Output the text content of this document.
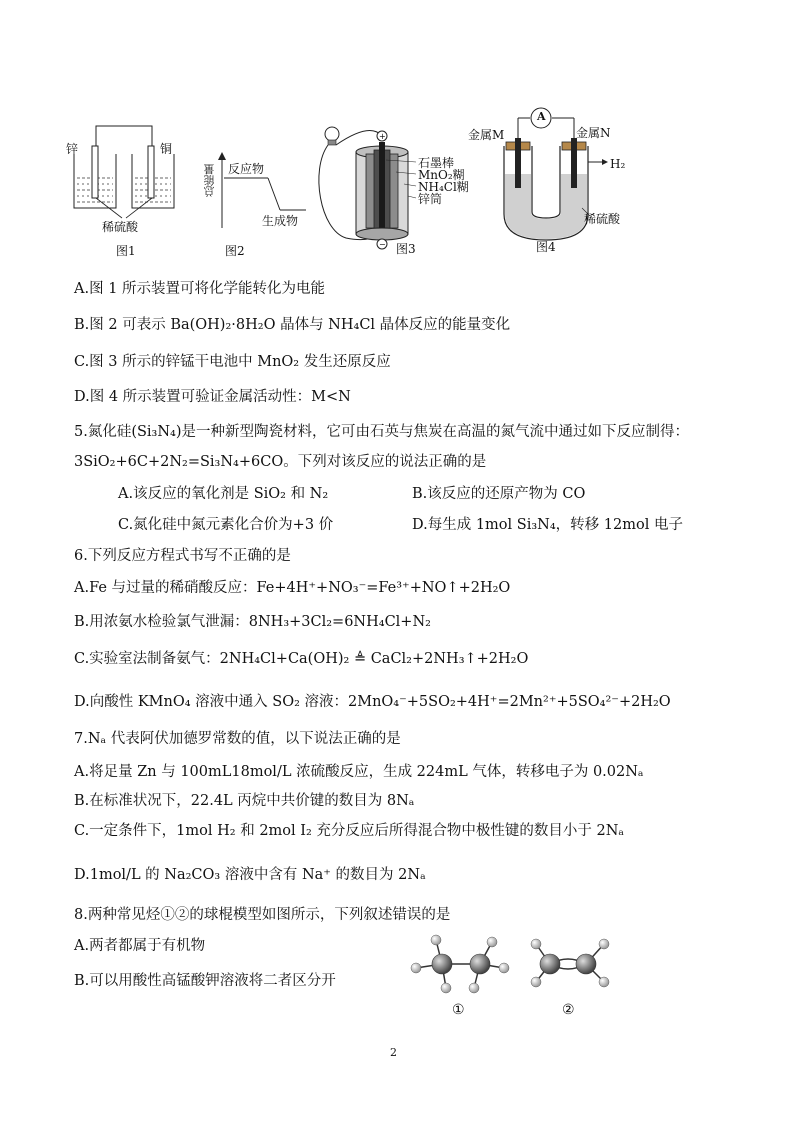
锌	铜
稀硫酸
图1
总能量 反应物
生成物
图2
+
−
石墨棒
MnO₂糊
NH₄Cl糊
锌筒
图3
A
金属M	金属N
H₂
稀硫酸
图4
A.图 1 所示装置可将化学能转化为电能
B.图 2 可表示 Ba(OH)₂·8H₂O 晶体与 NH₄Cl 晶体反应的能量变化
C.图 3 所示的锌锰干电池中 MnO₂ 发生还原反应
D.图 4 所示装置可验证金属活动性：M<N
5.氮化硅(Si₃N₄)是一种新型陶瓷材料，它可由石英与焦炭在高温的氮气流中通过如下反应制得：
3SiO₂+6C+2N₂=Si₃N₄+6CO。下列对该反应的说法正确的是
A.该反应的氧化剂是 SiO₂ 和 N₂	B.该反应的还原产物为 CO
C.氮化硅中氮元素化合价为+3 价	D.每生成 1mol Si₃N₄，转移 12mol 电子
6.下列反应方程式书写不正确的是
A.Fe 与过量的稀硝酸反应：Fe+4H⁺+NO₃⁻=Fe³⁺+NO↑+2H₂O
B.用浓氨水检验氯气泄漏：8NH₃+3Cl₂=6NH₄Cl+N₂
C.实验室法制备氨气：2NH₄Cl+Ca(OH)₂ ≜ CaCl₂+2NH₃↑+2H₂O
D.向酸性 KMnO₄ 溶液中通入 SO₂ 溶液：2MnO₄⁻+5SO₂+4H⁺=2Mn²⁺+5SO₄²⁻+2H₂O
7.Nₐ 代表阿伏加德罗常数的值，以下说法正确的是
A.将足量 Zn 与 100mL18mol/L 浓硫酸反应，生成 224mL 气体，转移电子为 0.02Nₐ
B.在标准状况下，22.4L 丙烷中共价键的数目为 8Nₐ
C.一定条件下，1mol H₂ 和 2mol I₂ 充分反应后所得混合物中极性键的数目小于 2Nₐ
D.1mol/L 的 Na₂CO₃ 溶液中含有 Na⁺ 的数目为 2Nₐ
8.两种常见烃①②的球棍模型如图所示，下列叙述错误的是
A.两者都属于有机物
B.可以用酸性高锰酸钾溶液将二者区分开
①	②
2
